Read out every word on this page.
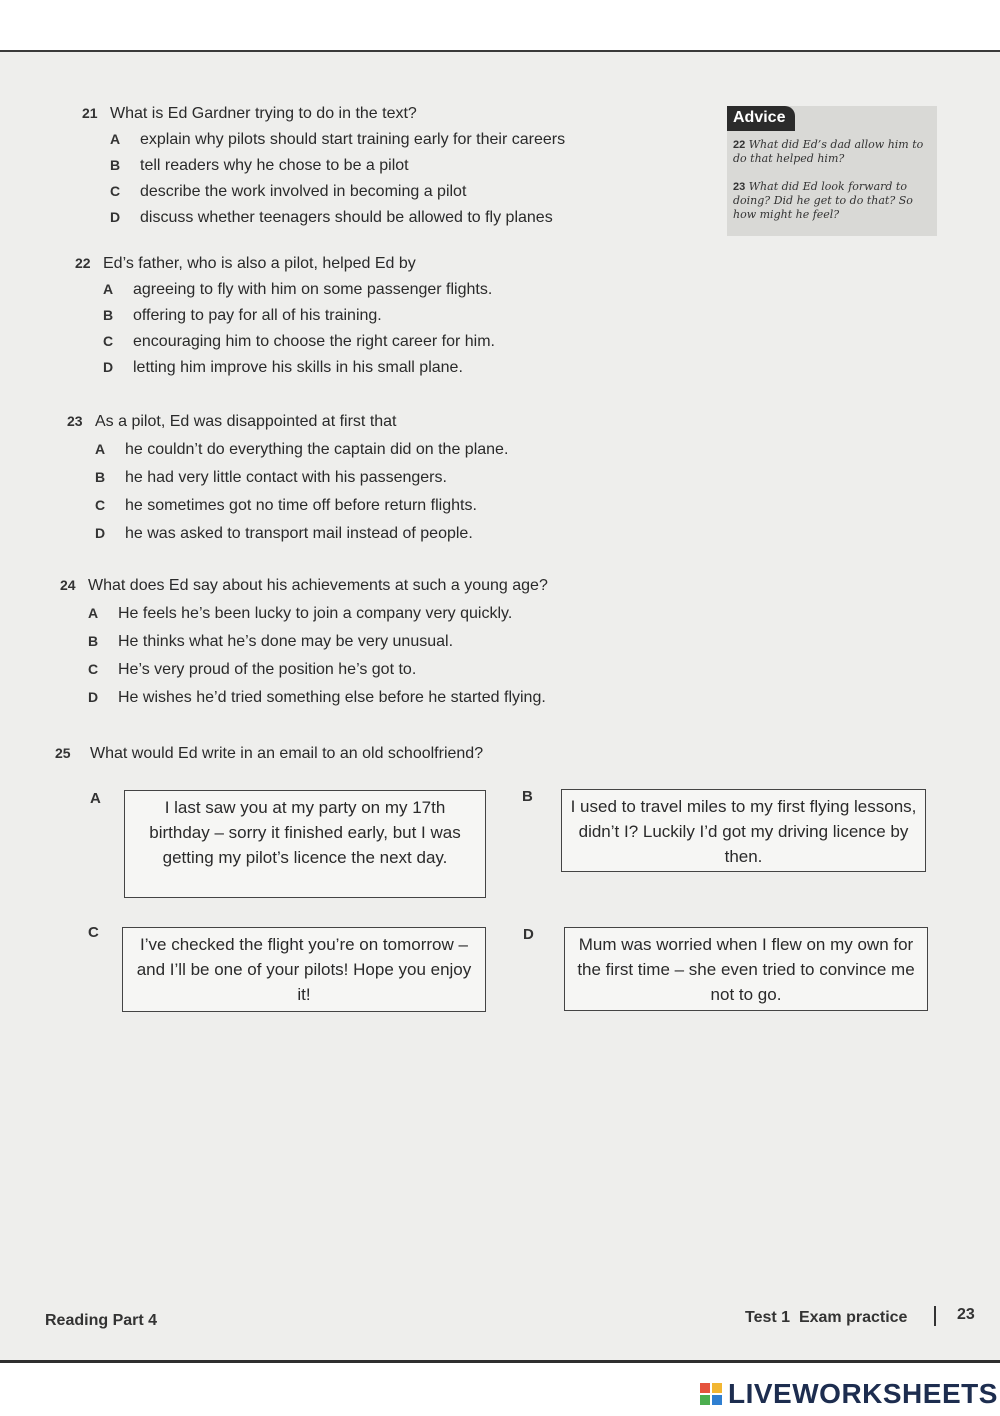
21 What is Ed Gardner trying to do in the text?
A	explain why pilots should start training early for their careers
B	tell readers why he chose to be a pilot
C	describe the work involved in becoming a pilot
D	discuss whether teenagers should be allowed to fly planes
Advice
22 What did Ed’s dad allow him to do that helped him?
23 What did Ed look forward to doing? Did he get to do that? So how might he feel?
22 Ed’s father, who is also a pilot, helped Ed by
A	agreeing to fly with him on some passenger flights.
B	offering to pay for all of his training.
C	encouraging him to choose the right career for him.
D	letting him improve his skills in his small plane.
23 As a pilot, Ed was disappointed at first that
A	he couldn’t do everything the captain did on the plane.
B	he had very little contact with his passengers.
C	he sometimes got no time off before return flights.
D	he was asked to transport mail instead of people.
24 What does Ed say about his achievements at such a young age?
A	He feels he’s been lucky to join a company very quickly.
B	He thinks what he’s done may be very unusual.
C	He’s very proud of the position he’s got to.
D	He wishes he’d tried something else before he started flying.
25	What would Ed write in an email to an old schoolfriend?
A	I last saw you at my party on my 17th birthday – sorry it finished early, but I was getting my pilot’s licence the next day.
B
I used to travel miles to my first flying lessons, didn’t I? Luckily I’d got my driving licence by then.
C
I’ve checked the flight you’re on tomorrow – and I’ll be one of your pilots! Hope you enjoy it!
D
Mum was worried when I flew on my own for the first time – she even tried to convince me not to go.
Reading Part 4	Test 1  Exam practice	23
LIVEWORKSHEETS
